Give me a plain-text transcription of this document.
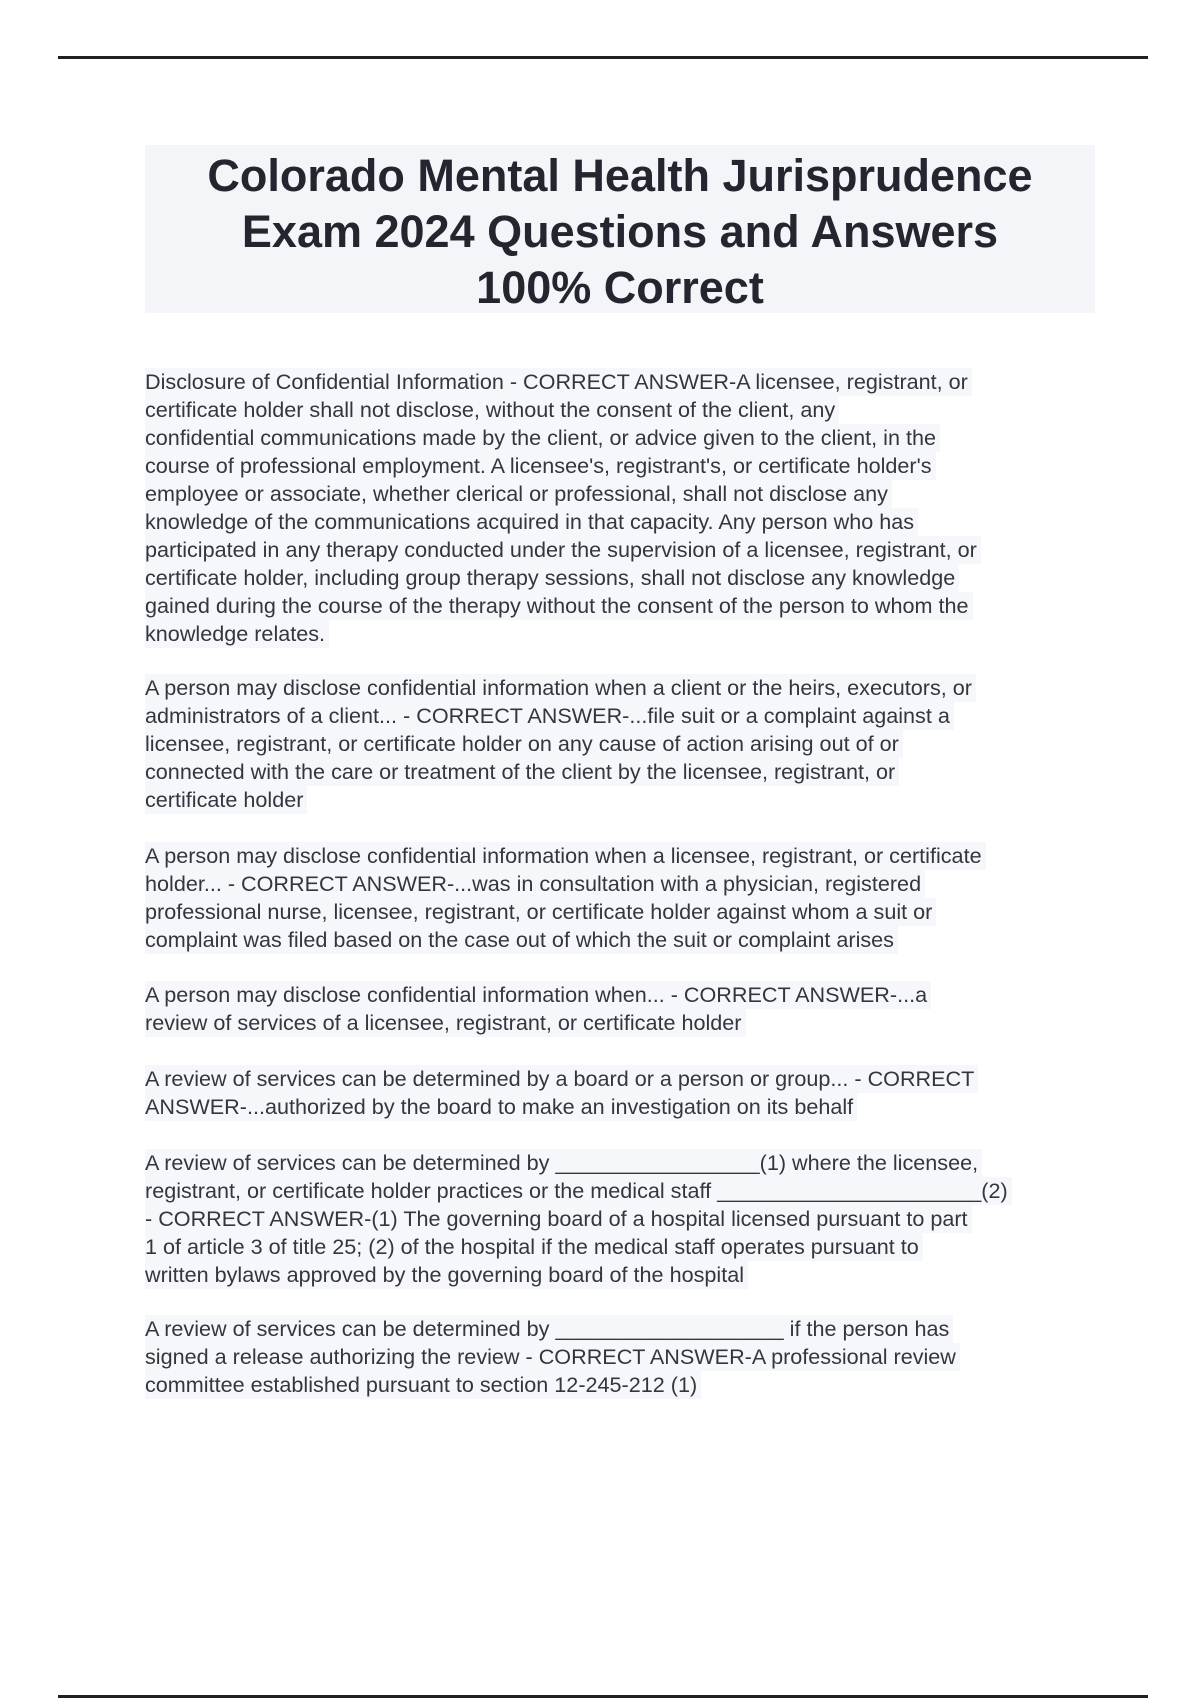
Colorado Mental Health Jurisprudence
Exam 2024 Questions and Answers
100% Correct
Disclosure of Confidential Information - CORRECT ANSWER-A licensee, registrant, or
certificate holder shall not disclose, without the consent of the client, any
confidential communications made by the client, or advice given to the client, in the
course of professional employment. A licensee's, registrant's, or certificate holder's
employee or associate, whether clerical or professional, shall not disclose any
knowledge of the communications acquired in that capacity. Any person who has
participated in any therapy conducted under the supervision of a licensee, registrant, or
certificate holder, including group therapy sessions, shall not disclose any knowledge
gained during the course of the therapy without the consent of the person to whom the
knowledge relates.
A person may disclose confidential information when a client or the heirs, executors, or
administrators of a client... - CORRECT ANSWER-...file suit or a complaint against a
licensee, registrant, or certificate holder on any cause of action arising out of or
connected with the care or treatment of the client by the licensee, registrant, or
certificate holder
A person may disclose confidential information when a licensee, registrant, or certificate
holder... - CORRECT ANSWER-...was in consultation with a physician, registered
professional nurse, licensee, registrant, or certificate holder against whom a suit or
complaint was filed based on the case out of which the suit or complaint arises
A person may disclose confidential information when... - CORRECT ANSWER-...a
review of services of a licensee, registrant, or certificate holder
A review of services can be determined by a board or a person or group... - CORRECT
ANSWER-...authorized by the board to make an investigation on its behalf
A review of services can be determined by _________________(1) where the licensee,
registrant, or certificate holder practices or the medical staff ______________________(2)
- CORRECT ANSWER-(1) The governing board of a hospital licensed pursuant to part
1 of article 3 of title 25; (2) of the hospital if the medical staff operates pursuant to
written bylaws approved by the governing board of the hospital
A review of services can be determined by ___________________ if the person has
signed a release authorizing the review - CORRECT ANSWER-A professional review
committee established pursuant to section 12-245-212 (1)
